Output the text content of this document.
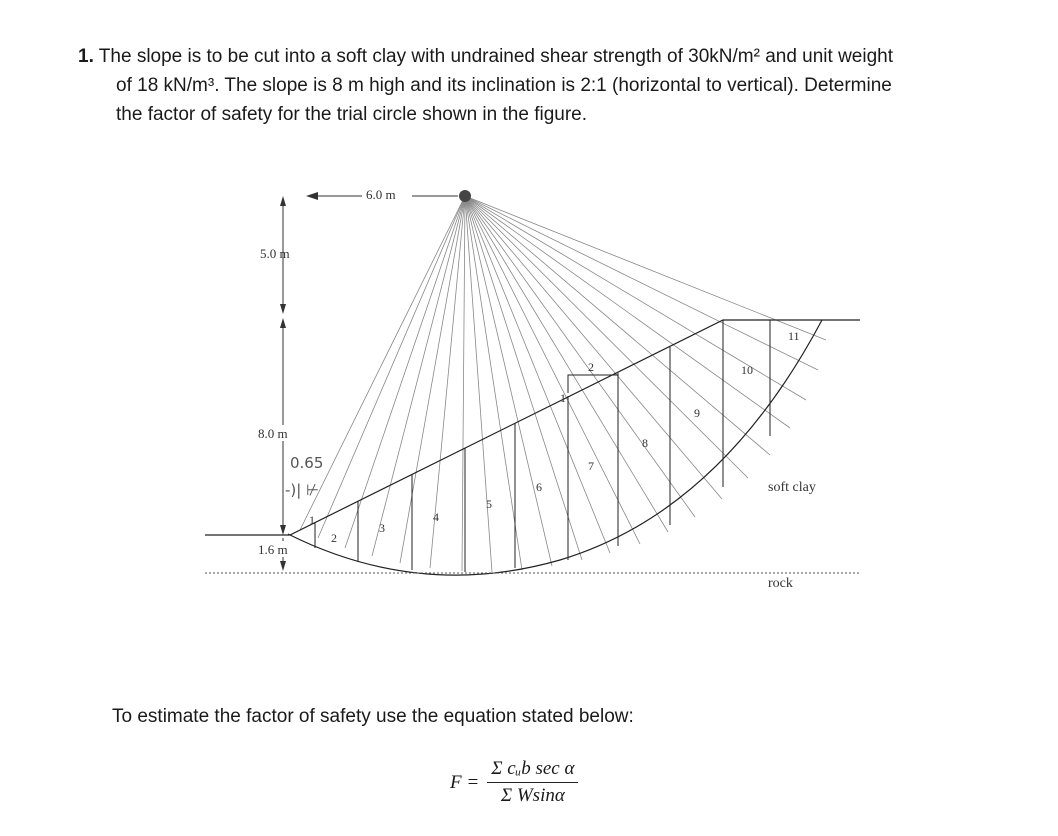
1. The slope is to be cut into a soft clay with undrained shear strength of 30kN/m² and unit weight
of 18 kN/m³. The slope is 8 m high and its inclination is 2:1 (horizontal to vertical). Determine
the factor of safety for the trial circle shown in the figure.
6.0 m
5.0 m
8.0 m
1.6 m
0.65
-)| ⊬	soft clay
rock
1
2
1
2
3
4
5
6
7
8
9
10
11
To estimate the factor of safety use the equation stated below:
$F = \frac{\text{Σ cᵤb sec α}}{\text{Σ Wsinα}}$
